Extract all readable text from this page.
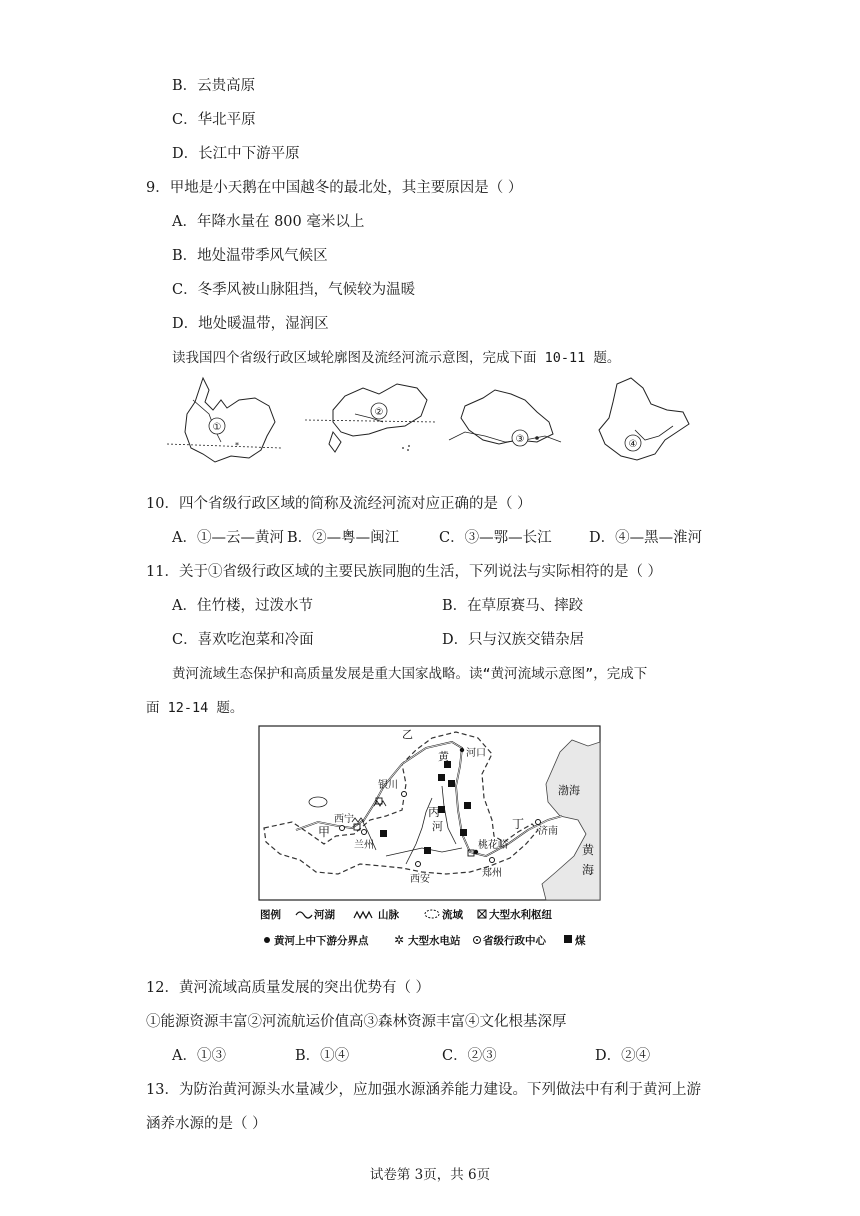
B．云贵高原
C．华北平原
D．长江中下游平原
9．甲地是小天鹅在中国越冬的最北处，其主要原因是（ ）
A．年降水量在 800 毫米以上
B．地处温带季风气候区
C．冬季风被山脉阻挡，气候较为温暖
D．地处暖温带，湿润区
读我国四个省级行政区域轮廓图及流经河流示意图，完成下面 10-11 题。
①
*
②
③	④
10．四个省级行政区域的简称及流经河流对应正确的是（ ）
A．①—云—黄河 B．②—粤—闽江	C．③—鄂—长江	D．④—黑—淮河
11．关于①省级行政区域的主要民族同胞的生活，下列说法与实际相符的是（ ）
A．住竹楼，过泼水节	B．在草原赛马、摔跤
C．喜欢吃泡菜和冷面	D．只与汉族交错杂居
黄河流域生态保护和高质量发展是重大国家战略。读“黄河流域示意图”，完成下
面 12-14 题。
西宁
银川
兰州
甲
黄
河
丙
河口
桃花峪
郑州
西安
济南
丁
乙
渤海
黄
海
图例	河湖	山脉	流域 大型水利枢纽
黄河上中下游分界点 ✲ 大型水电站 省级行政中心	煤
12．黄河流域高质量发展的突出优势有（ ）
①能源资源丰富②河流航运价值高③森林资源丰富④文化根基深厚
A．①③	B．①④	C．②③	D．②④
13．为防治黄河源头水量减少，应加强水源涵养能力建设。下列做法中有利于黄河上游
涵养水源的是（ ）
试卷第 3页，共 6页
